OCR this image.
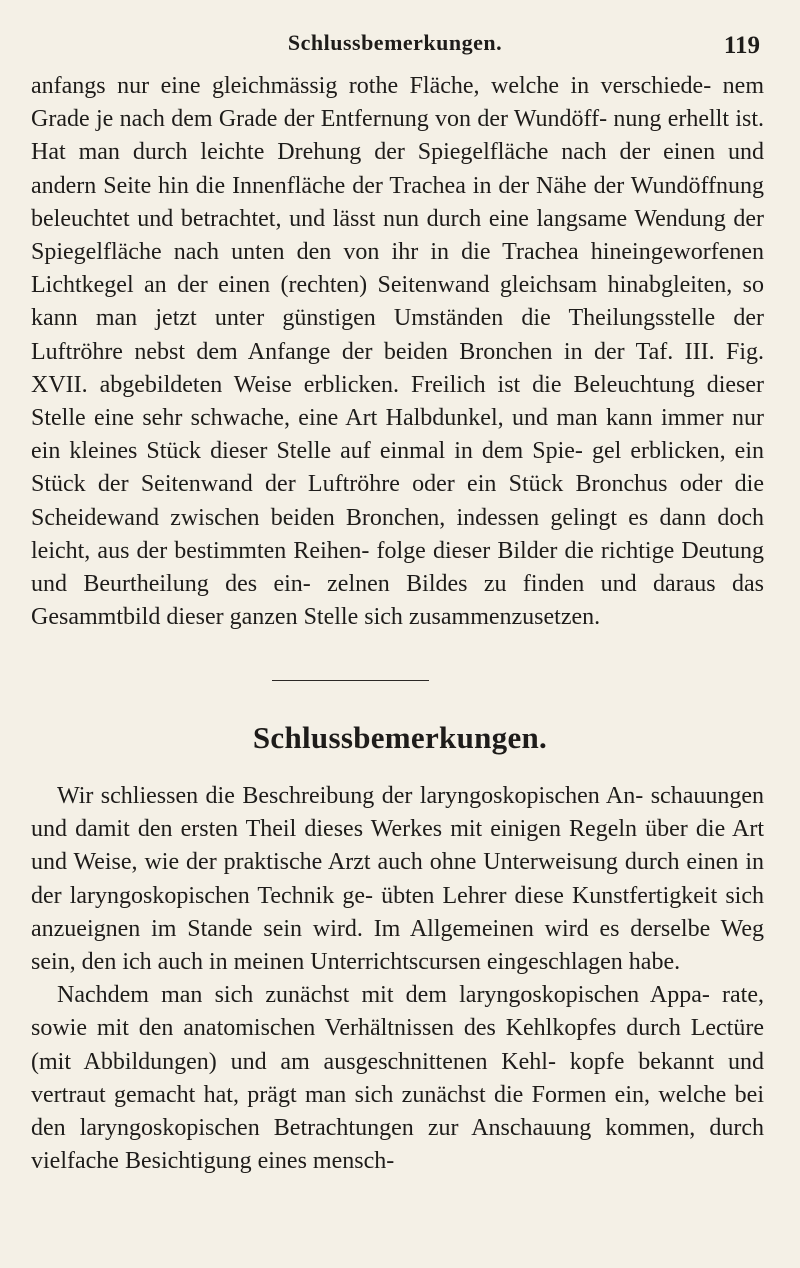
Schlussbemerkungen.	119

anfangs nur eine gleichmässig rothe Fläche, welche in verschiede- nem Grade je nach dem Grade der Entfernung von der Wundöff- nung erhellt ist. Hat man durch leichte Drehung der Spiegelfläche nach der einen und andern Seite hin die Innenfläche der Trachea in der Nähe der Wundöffnung beleuchtet und betrachtet, und lässt nun durch eine langsame Wendung der Spiegelfläche nach unten den von ihr in die Trachea hineingeworfenen Lichtkegel an der einen (rechten) Seitenwand gleichsam hinabgleiten, so kann man jetzt unter günstigen Umständen die Theilungsstelle der Luftröhre nebst dem Anfange der beiden Bronchen in der Taf. III. Fig. XVII. abgebildeten Weise erblicken. Freilich ist die Beleuchtung dieser Stelle eine sehr schwache, eine Art Halbdunkel, und man kann immer nur ein kleines Stück dieser Stelle auf einmal in dem Spie- gel erblicken, ein Stück der Seitenwand der Luftröhre oder ein Stück Bronchus oder die Scheidewand zwischen beiden Bronchen, indessen gelingt es dann doch leicht, aus der bestimmten Reihen- folge dieser Bilder die richtige Deutung und Beurtheilung des ein- zelnen Bildes zu finden und daraus das Gesammtbild dieser ganzen Stelle sich zusammenzusetzen.

Schlussbemerkungen.

Wir schliessen die Beschreibung der laryngoskopischen An- schauungen und damit den ersten Theil dieses Werkes mit einigen Regeln über die Art und Weise, wie der praktische Arzt auch ohne Unterweisung durch einen in der laryngoskopischen Technik ge- übten Lehrer diese Kunstfertigkeit sich anzueignen im Stande sein wird. Im Allgemeinen wird es derselbe Weg sein, den ich auch in meinen Unterrichtscursen eingeschlagen habe.

Nachdem man sich zunächst mit dem laryngoskopischen Appa- rate, sowie mit den anatomischen Verhältnissen des Kehlkopfes durch Lectüre (mit Abbildungen) und am ausgeschnittenen Kehl- kopfe bekannt und vertraut gemacht hat, prägt man sich zunächst die Formen ein, welche bei den laryngoskopischen Betrachtungen zur Anschauung kommen, durch vielfache Besichtigung eines mensch-
